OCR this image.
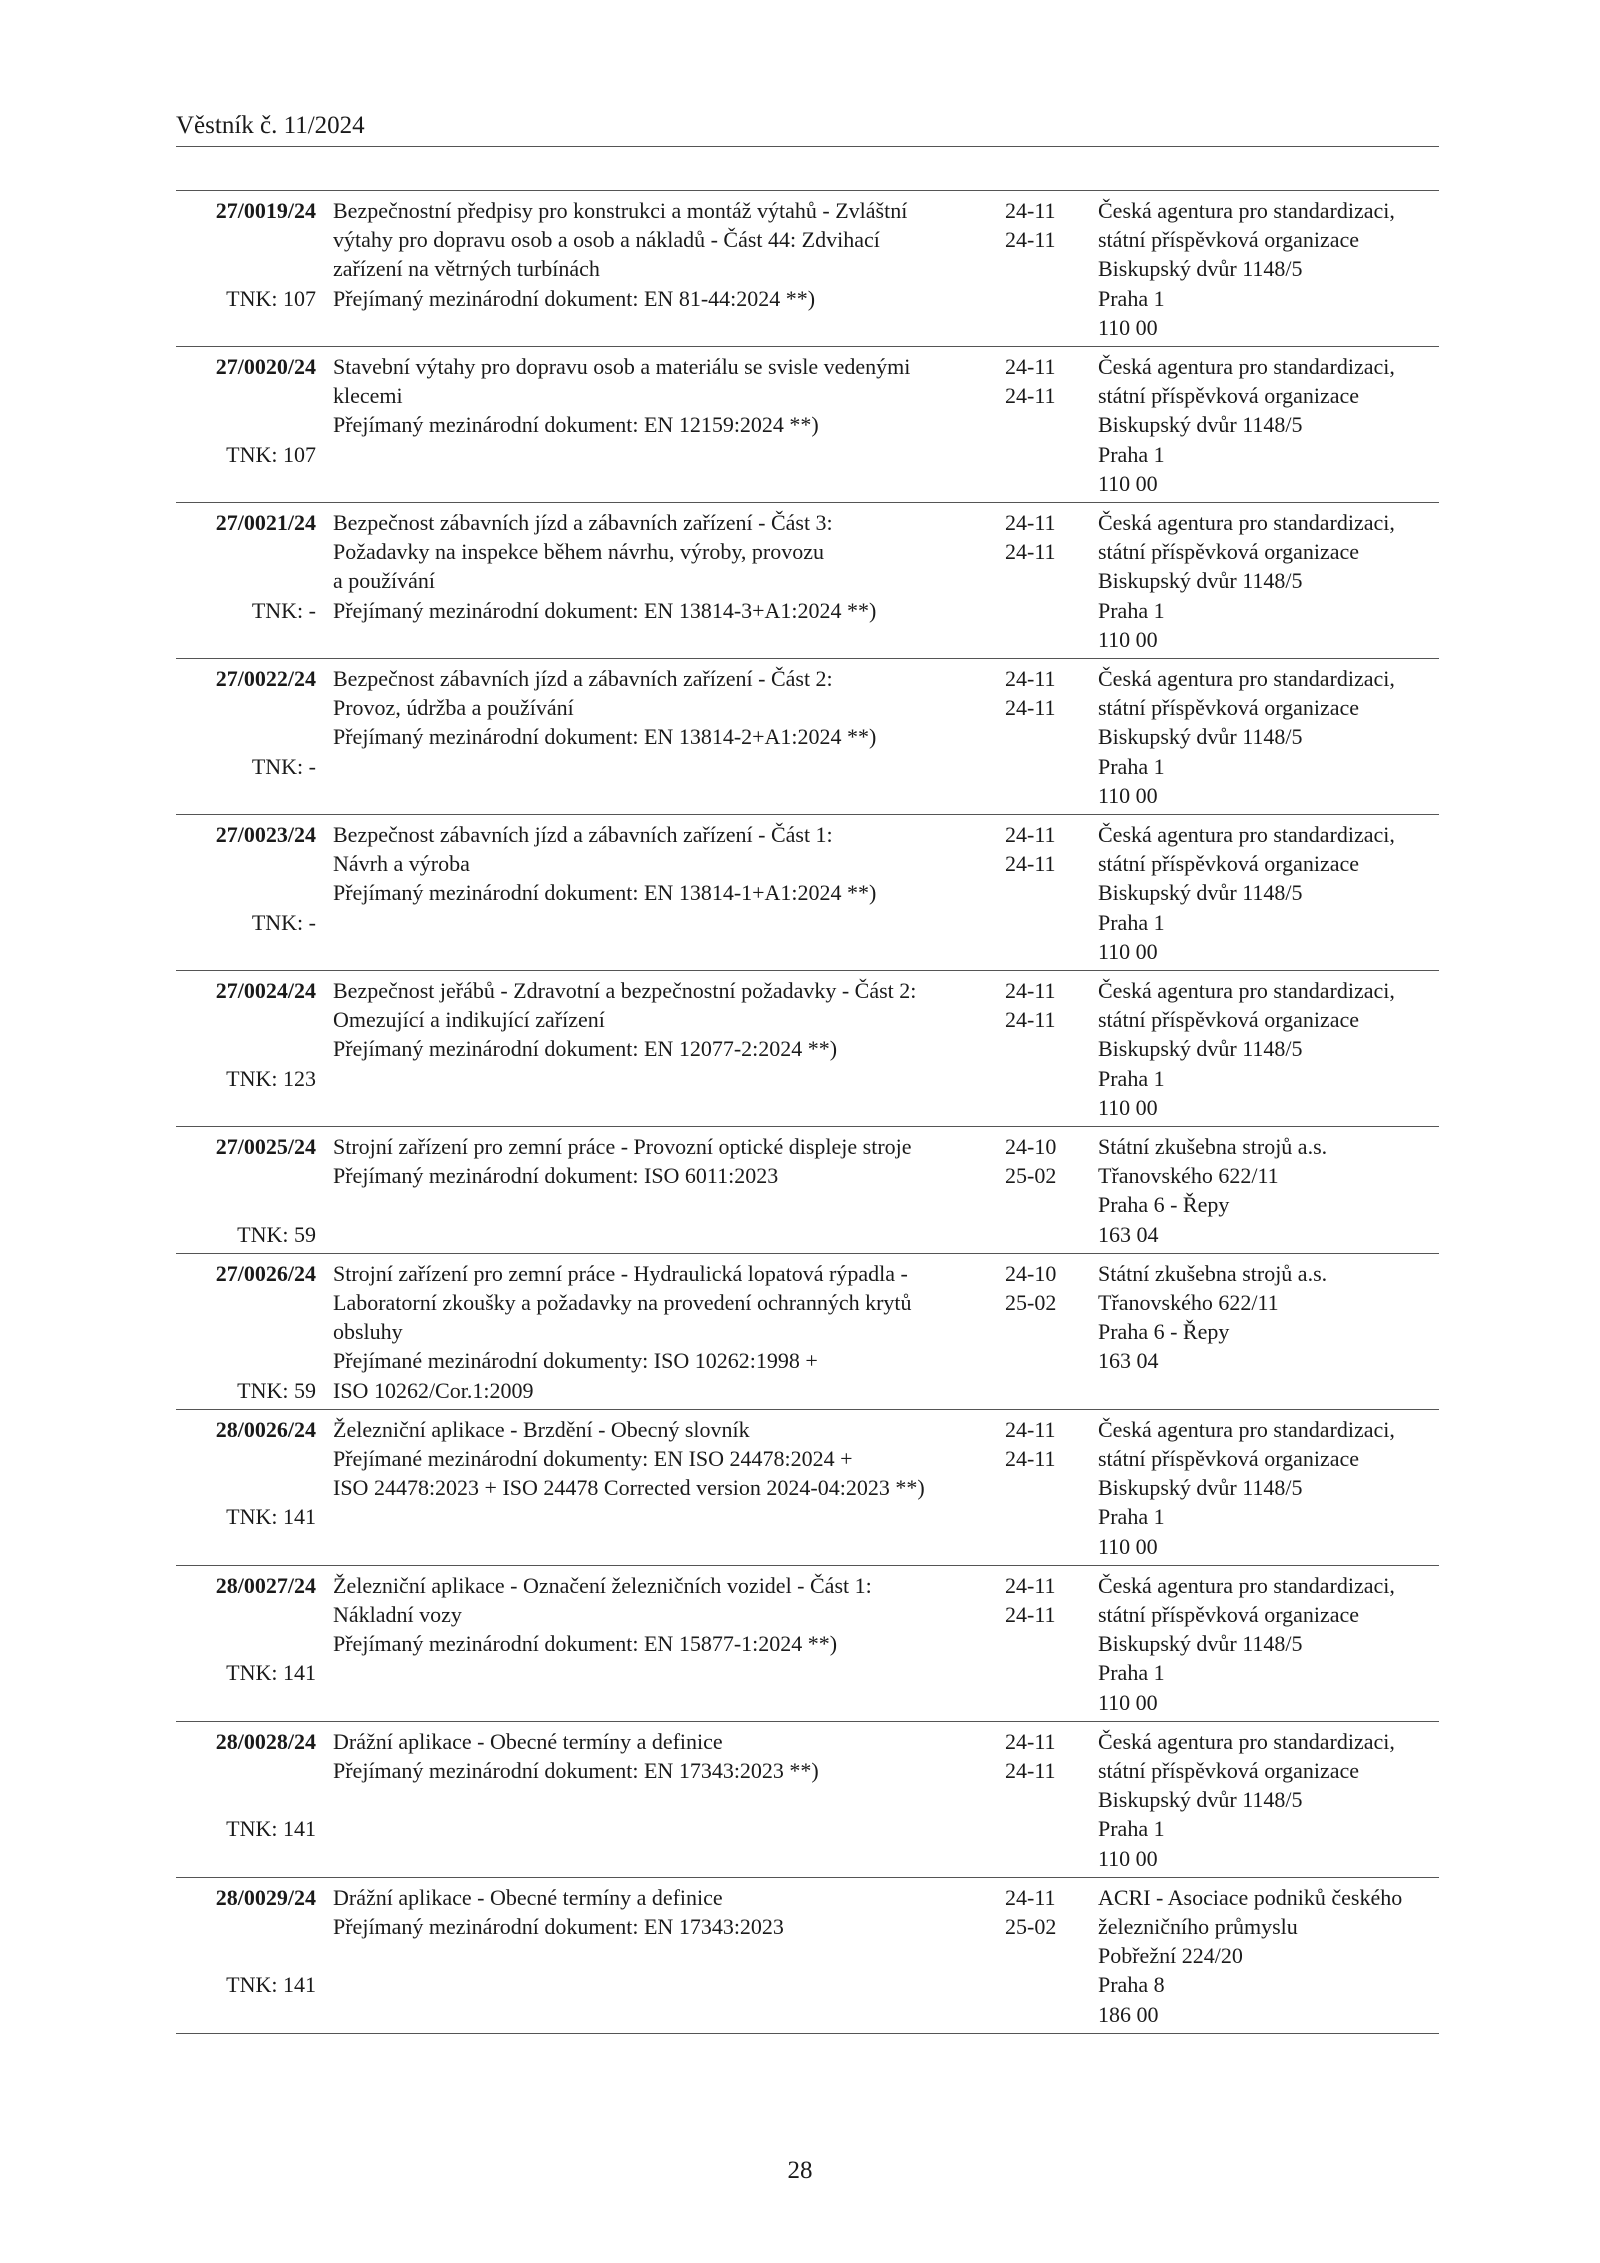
Věstník č. 11/2024
27/0019/24
TNK: 107
Bezpečnostní předpisy pro konstrukci a montáž výtahů - Zvláštní
výtahy pro dopravu osob a osob a nákladů - Část 44: Zdvihací
zařízení na větrných turbínách
Přejímaný mezinárodní dokument: EN 81-44:2024 **)
24-11
24-11
Česká agentura pro standardizaci,
státní příspěvková organizace
Biskupský dvůr 1148/5
Praha 1
110 00
27/0020/24
TNK: 107
Stavební výtahy pro dopravu osob a materiálu se svisle vedenými
klecemi
Přejímaný mezinárodní dokument: EN 12159:2024 **)
24-11
24-11
Česká agentura pro standardizaci,
státní příspěvková organizace
Biskupský dvůr 1148/5
Praha 1
110 00
27/0021/24
TNK: -
Bezpečnost zábavních jízd a zábavních zařízení - Část 3:
Požadavky na inspekce během návrhu, výroby, provozu
a používání
Přejímaný mezinárodní dokument: EN 13814-3+A1:2024 **)
24-11
24-11
Česká agentura pro standardizaci,
státní příspěvková organizace
Biskupský dvůr 1148/5
Praha 1
110 00
27/0022/24
TNK: -
Bezpečnost zábavních jízd a zábavních zařízení - Část 2:
Provoz, údržba a používání
Přejímaný mezinárodní dokument: EN 13814-2+A1:2024 **)
24-11
24-11
Česká agentura pro standardizaci,
státní příspěvková organizace
Biskupský dvůr 1148/5
Praha 1
110 00
27/0023/24
TNK: -
Bezpečnost zábavních jízd a zábavních zařízení - Část 1:
Návrh a výroba
Přejímaný mezinárodní dokument: EN 13814-1+A1:2024 **)
24-11
24-11
Česká agentura pro standardizaci,
státní příspěvková organizace
Biskupský dvůr 1148/5
Praha 1
110 00
27/0024/24
TNK: 123
Bezpečnost jeřábů - Zdravotní a bezpečnostní požadavky - Část 2:
Omezující a indikující zařízení
Přejímaný mezinárodní dokument: EN 12077-2:2024 **)
24-11
24-11
Česká agentura pro standardizaci,
státní příspěvková organizace
Biskupský dvůr 1148/5
Praha 1
110 00
27/0025/24
TNK: 59
Strojní zařízení pro zemní práce - Provozní optické displeje stroje
Přejímaný mezinárodní dokument: ISO 6011:2023
24-10
25-02
Státní zkušebna strojů a.s.
Třanovského 622/11
Praha 6 - Řepy
163 04
27/0026/24
TNK: 59
Strojní zařízení pro zemní práce - Hydraulická lopatová rýpadla -
Laboratorní zkoušky a požadavky na provedení ochranných krytů
obsluhy
Přejímané mezinárodní dokumenty: ISO 10262:1998 +
ISO 10262/Cor.1:2009
24-10
25-02
Státní zkušebna strojů a.s.
Třanovského 622/11
Praha 6 - Řepy
163 04
28/0026/24
TNK: 141
Železniční aplikace - Brzdění - Obecný slovník
Přejímané mezinárodní dokumenty: EN ISO 24478:2024 +
ISO 24478:2023 + ISO 24478 Corrected version 2024-04:2023 **)
24-11
24-11
Česká agentura pro standardizaci,
státní příspěvková organizace
Biskupský dvůr 1148/5
Praha 1
110 00
28/0027/24
TNK: 141
Železniční aplikace - Označení železničních vozidel - Část 1:
Nákladní vozy
Přejímaný mezinárodní dokument: EN 15877-1:2024 **)
24-11
24-11
Česká agentura pro standardizaci,
státní příspěvková organizace
Biskupský dvůr 1148/5
Praha 1
110 00
28/0028/24
TNK: 141
Drážní aplikace - Obecné termíny a definice
Přejímaný mezinárodní dokument: EN 17343:2023 **)
24-11
24-11
Česká agentura pro standardizaci,
státní příspěvková organizace
Biskupský dvůr 1148/5
Praha 1
110 00
28/0029/24
TNK: 141
Drážní aplikace - Obecné termíny a definice
Přejímaný mezinárodní dokument: EN 17343:2023
24-11
25-02
ACRI - Asociace podniků českého
železničního průmyslu
Pobřežní 224/20
Praha 8
186 00
28
